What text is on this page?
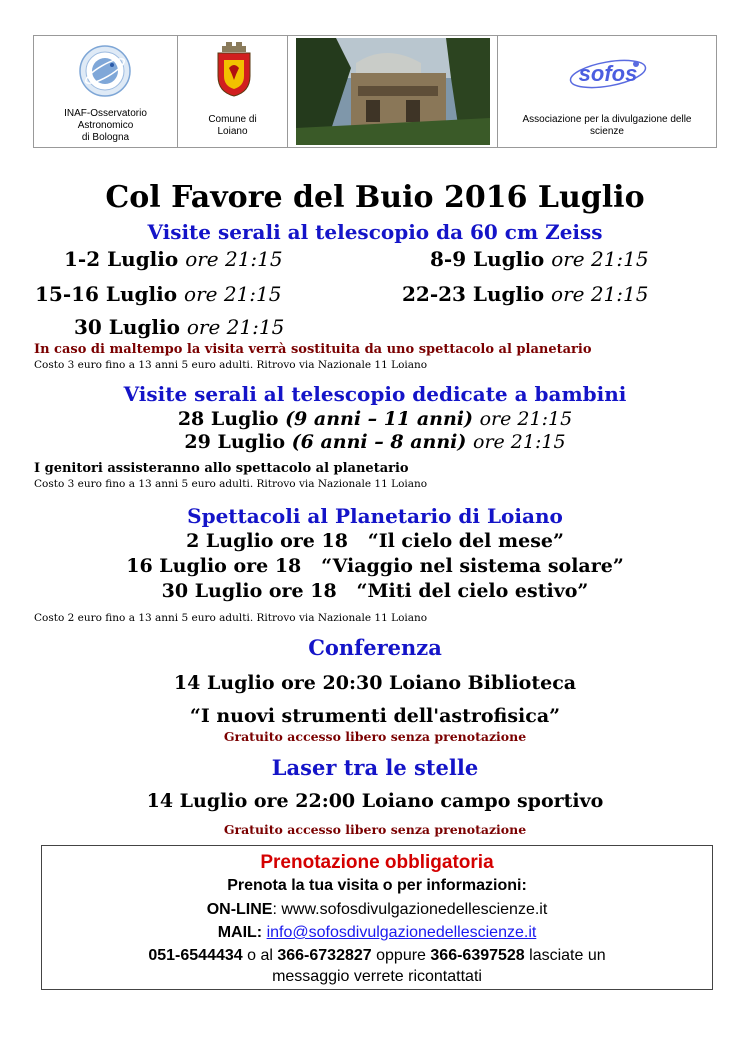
INAF-Osservatorio
Astronomico
di Bologna
Comune di
Loiano
sofos
Associazione per la divulgazione delle
scienze
Col Favore del Buio 2016 Luglio
Visite serali al telescopio da 60 cm Zeiss
1-2 Luglio ore 21:15	8-9 Luglio ore 21:15
15-16 Luglio ore 21:15	22-23 Luglio ore 21:15
30 Luglio ore 21:15
In caso di maltempo la visita verrà sostituita da uno spettacolo al planetario
Costo 3 euro fino a 13 anni 5 euro adulti. Ritrovo via Nazionale 11 Loiano
Visite serali al telescopio dedicate a bambini
28 Luglio (9 anni – 11 anni) ore 21:15
29 Luglio (6 anni – 8 anni) ore 21:15
I genitori assisteranno allo spettacolo al planetario
Costo 3 euro fino a 13 anni 5 euro adulti. Ritrovo via Nazionale 11 Loiano
Spettacoli al Planetario di Loiano
2 Luglio ore 18   “Il cielo del mese”
16 Luglio ore 18   “Viaggio nel sistema solare”
30 Luglio ore 18   “Miti del cielo estivo”
Costo 2 euro fino a 13 anni 5 euro adulti. Ritrovo via Nazionale 11 Loiano
Conferenza
14 Luglio ore 20:30 Loiano Biblioteca
“I nuovi strumenti dell'astrofisica”
Gratuito accesso libero senza prenotazione
Laser tra le stelle
14 Luglio ore 22:00 Loiano campo sportivo
Gratuito accesso libero senza prenotazione
Prenotazione obbligatoria
Prenota la tua visita o per informazioni:
ON-LINE: www.sofosdivulgazionedellescienze.it
MAIL: info@sofosdivulgazionedellescienze.it
051-6544434 o al 366-6732827 oppure 366-6397528 lasciate un
messaggio verrete ricontattati
